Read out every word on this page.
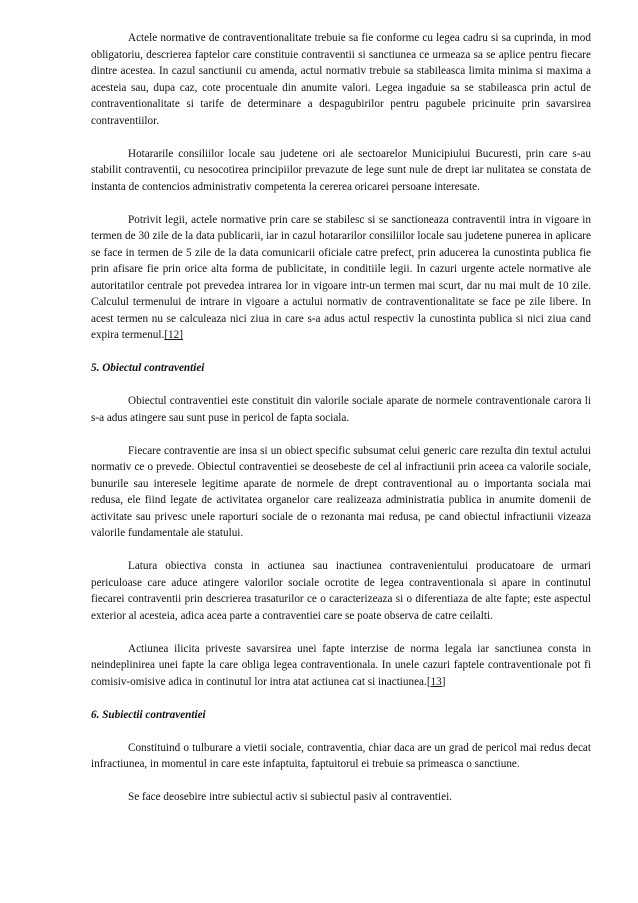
Actele normative de contraventionalitate trebuie sa fie conforme cu legea cadru si sa cuprinda, in mod obligatoriu, descrierea faptelor care constituie contraventii si sanctiunea ce urmeaza sa se aplice pentru fiecare dintre acestea. In cazul sanctiunii cu amenda, actul normativ trebuie sa stabileasca limita minima si maxima a acesteia sau, dupa caz, cote procentuale din anumite valori. Legea ingaduie sa se stabileasca prin actul de contraventionalitate si tarife de determinare a despagubirilor pentru pagubele pricinuite prin savarsirea contraventiilor.

Hotararile consiliilor locale sau judetene ori ale sectoarelor Municipiului Bucuresti, prin care s-au stabilit contraventii, cu nesocotirea principiilor prevazute de lege sunt nule de drept iar nulitatea se constata de instanta de contencios administrativ competenta la cererea oricarei persoane interesate.

Potrivit legii, actele normative prin care se stabilesc si se sanctioneaza contraventii intra in vigoare in termen de 30 zile de la data publicarii, iar in cazul hotararilor consiliilor locale sau judetene punerea in aplicare se face in termen de 5 zile de la data comunicarii oficiale catre prefect, prin aducerea la cunostinta publica fie prin afisare fie prin orice alta forma de publicitate, in conditiile legii. In cazuri urgente actele normative ale autoritatilor centrale pot prevedea intrarea lor in vigoare intr-un termen mai scurt, dar nu mai mult de 10 zile. Calculul termenului de intrare in vigoare a actului normativ de contraventionalitate se face pe zile libere. In acest termen nu se calculeaza nici ziua in care s-a adus actul respectiv la cunostinta publica si nici ziua cand expira termenul.[12]

5. Obiectul contraventiei

Obiectul contraventiei este constituit din valorile sociale aparate de normele contraventionale carora li s-a adus atingere sau sunt puse in pericol de fapta sociala.

Fiecare contraventie are insa si un obiect specific subsumat celui generic care rezulta din textul actului normativ ce o prevede. Obiectul contraventiei se deosebeste de cel al infractiunii prin aceea ca valorile sociale, bunurile sau interesele legitime aparate de normele de drept contraventional au o importanta sociala mai redusa, ele fiind legate de activitatea organelor care realizeaza administratia publica in anumite domenii de activitate sau privesc unele raporturi sociale de o rezonanta mai redusa, pe cand obiectul infractiunii vizeaza valorile fundamentale ale statului.

Latura obiectiva consta in actiunea sau inactiunea contravenientului producatoare de urmari periculoase care aduce atingere valorilor sociale ocrotite de legea contraventionala si apare in continutul fiecarei contraventii prin descrierea trasaturilor ce o caracterizeaza si o diferentiaza de alte fapte; este aspectul exterior al acesteia, adica acea parte a contraventiei care se poate observa de catre ceilalti.

Actiunea ilicita priveste savarsirea unei fapte interzise de norma legala iar sanctiunea consta in neindeplinirea unei fapte la care obliga legea contraventionala. In unele cazuri faptele contraventionale pot fi comisiv-omisive adica in continutul lor intra atat actiunea cat si inactiunea.[13]

6. Subiectii contraventiei

Constituind o tulburare a vietii sociale, contraventia, chiar daca are un grad de pericol mai redus decat infractiunea, in momentul in care este infaptuita, faptuitorul ei trebuie sa primeasca o sanctiune.

Se face deosebire intre subiectul activ si subiectul pasiv al contraventiei.
